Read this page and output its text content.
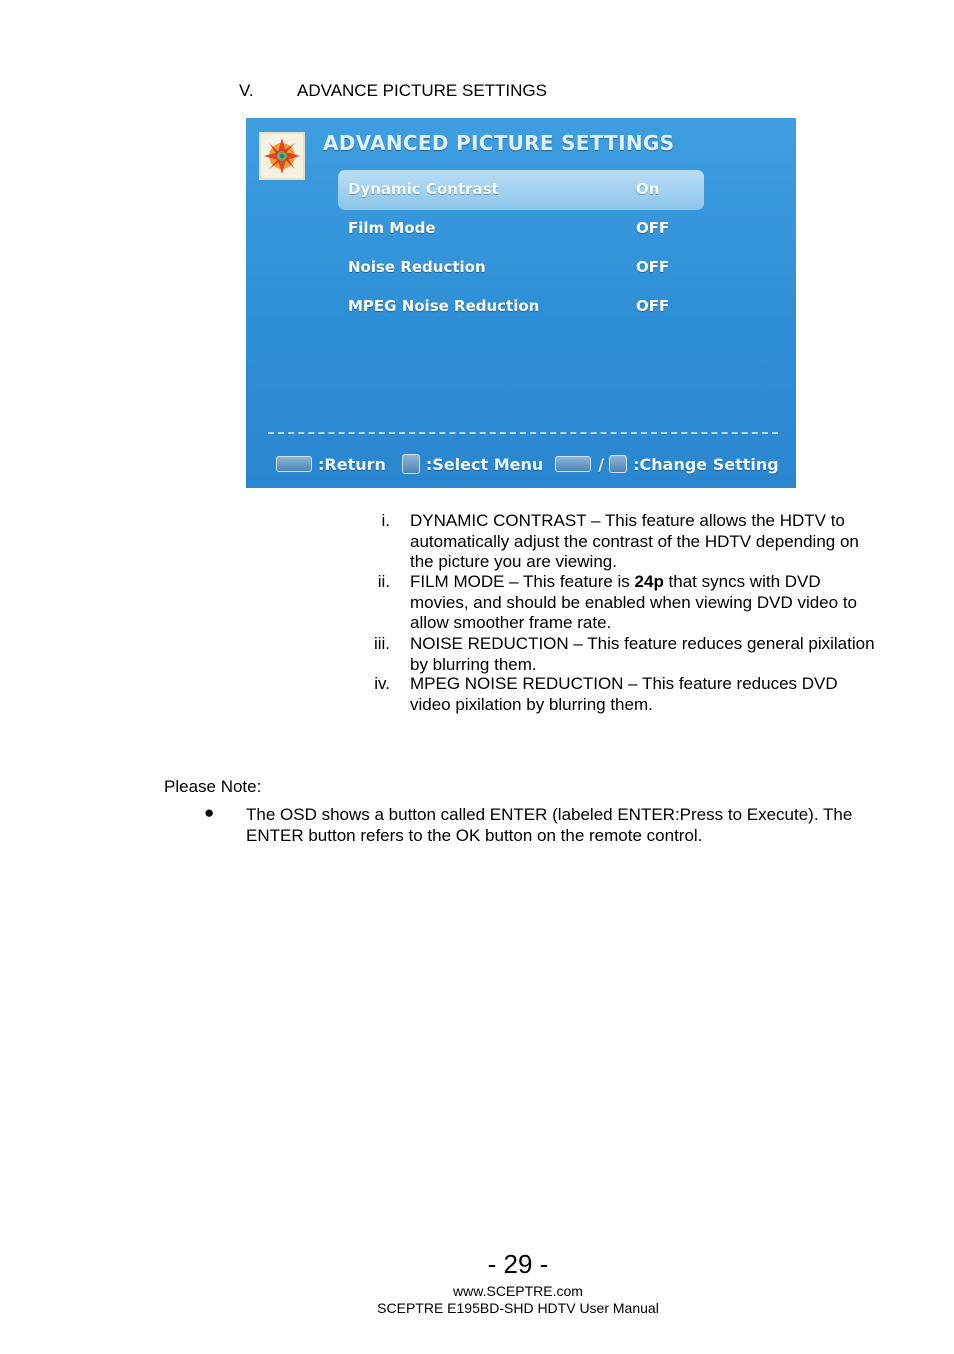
V.	ADVANCE PICTURE SETTINGS
ADVANCED PICTURE SETTINGS
Dynamic Contrast	On
Film Mode	OFF
Noise Reduction	OFF
MPEG Noise Reduction	OFF
:Return	:Select Menu	/ :Change Setting
i. DYNAMIC CONTRAST – This feature allows the HDTV to automatically adjust the contrast of the HDTV depending on the picture you are viewing.
ii. FILM MODE – This feature is 24p that syncs with DVD movies, and should be enabled when viewing DVD video to allow smoother frame rate.
iii. NOISE REDUCTION – This feature reduces general pixilation by blurring them.
iv. MPEG NOISE REDUCTION – This feature reduces DVD video pixilation by blurring them.
Please Note:
● The OSD shows a button called ENTER (labeled ENTER:Press to Execute). The ENTER button refers to the OK button on the remote control.
- 29 -
www.SCEPTRE.com
SCEPTRE E195BD-SHD HDTV User Manual
